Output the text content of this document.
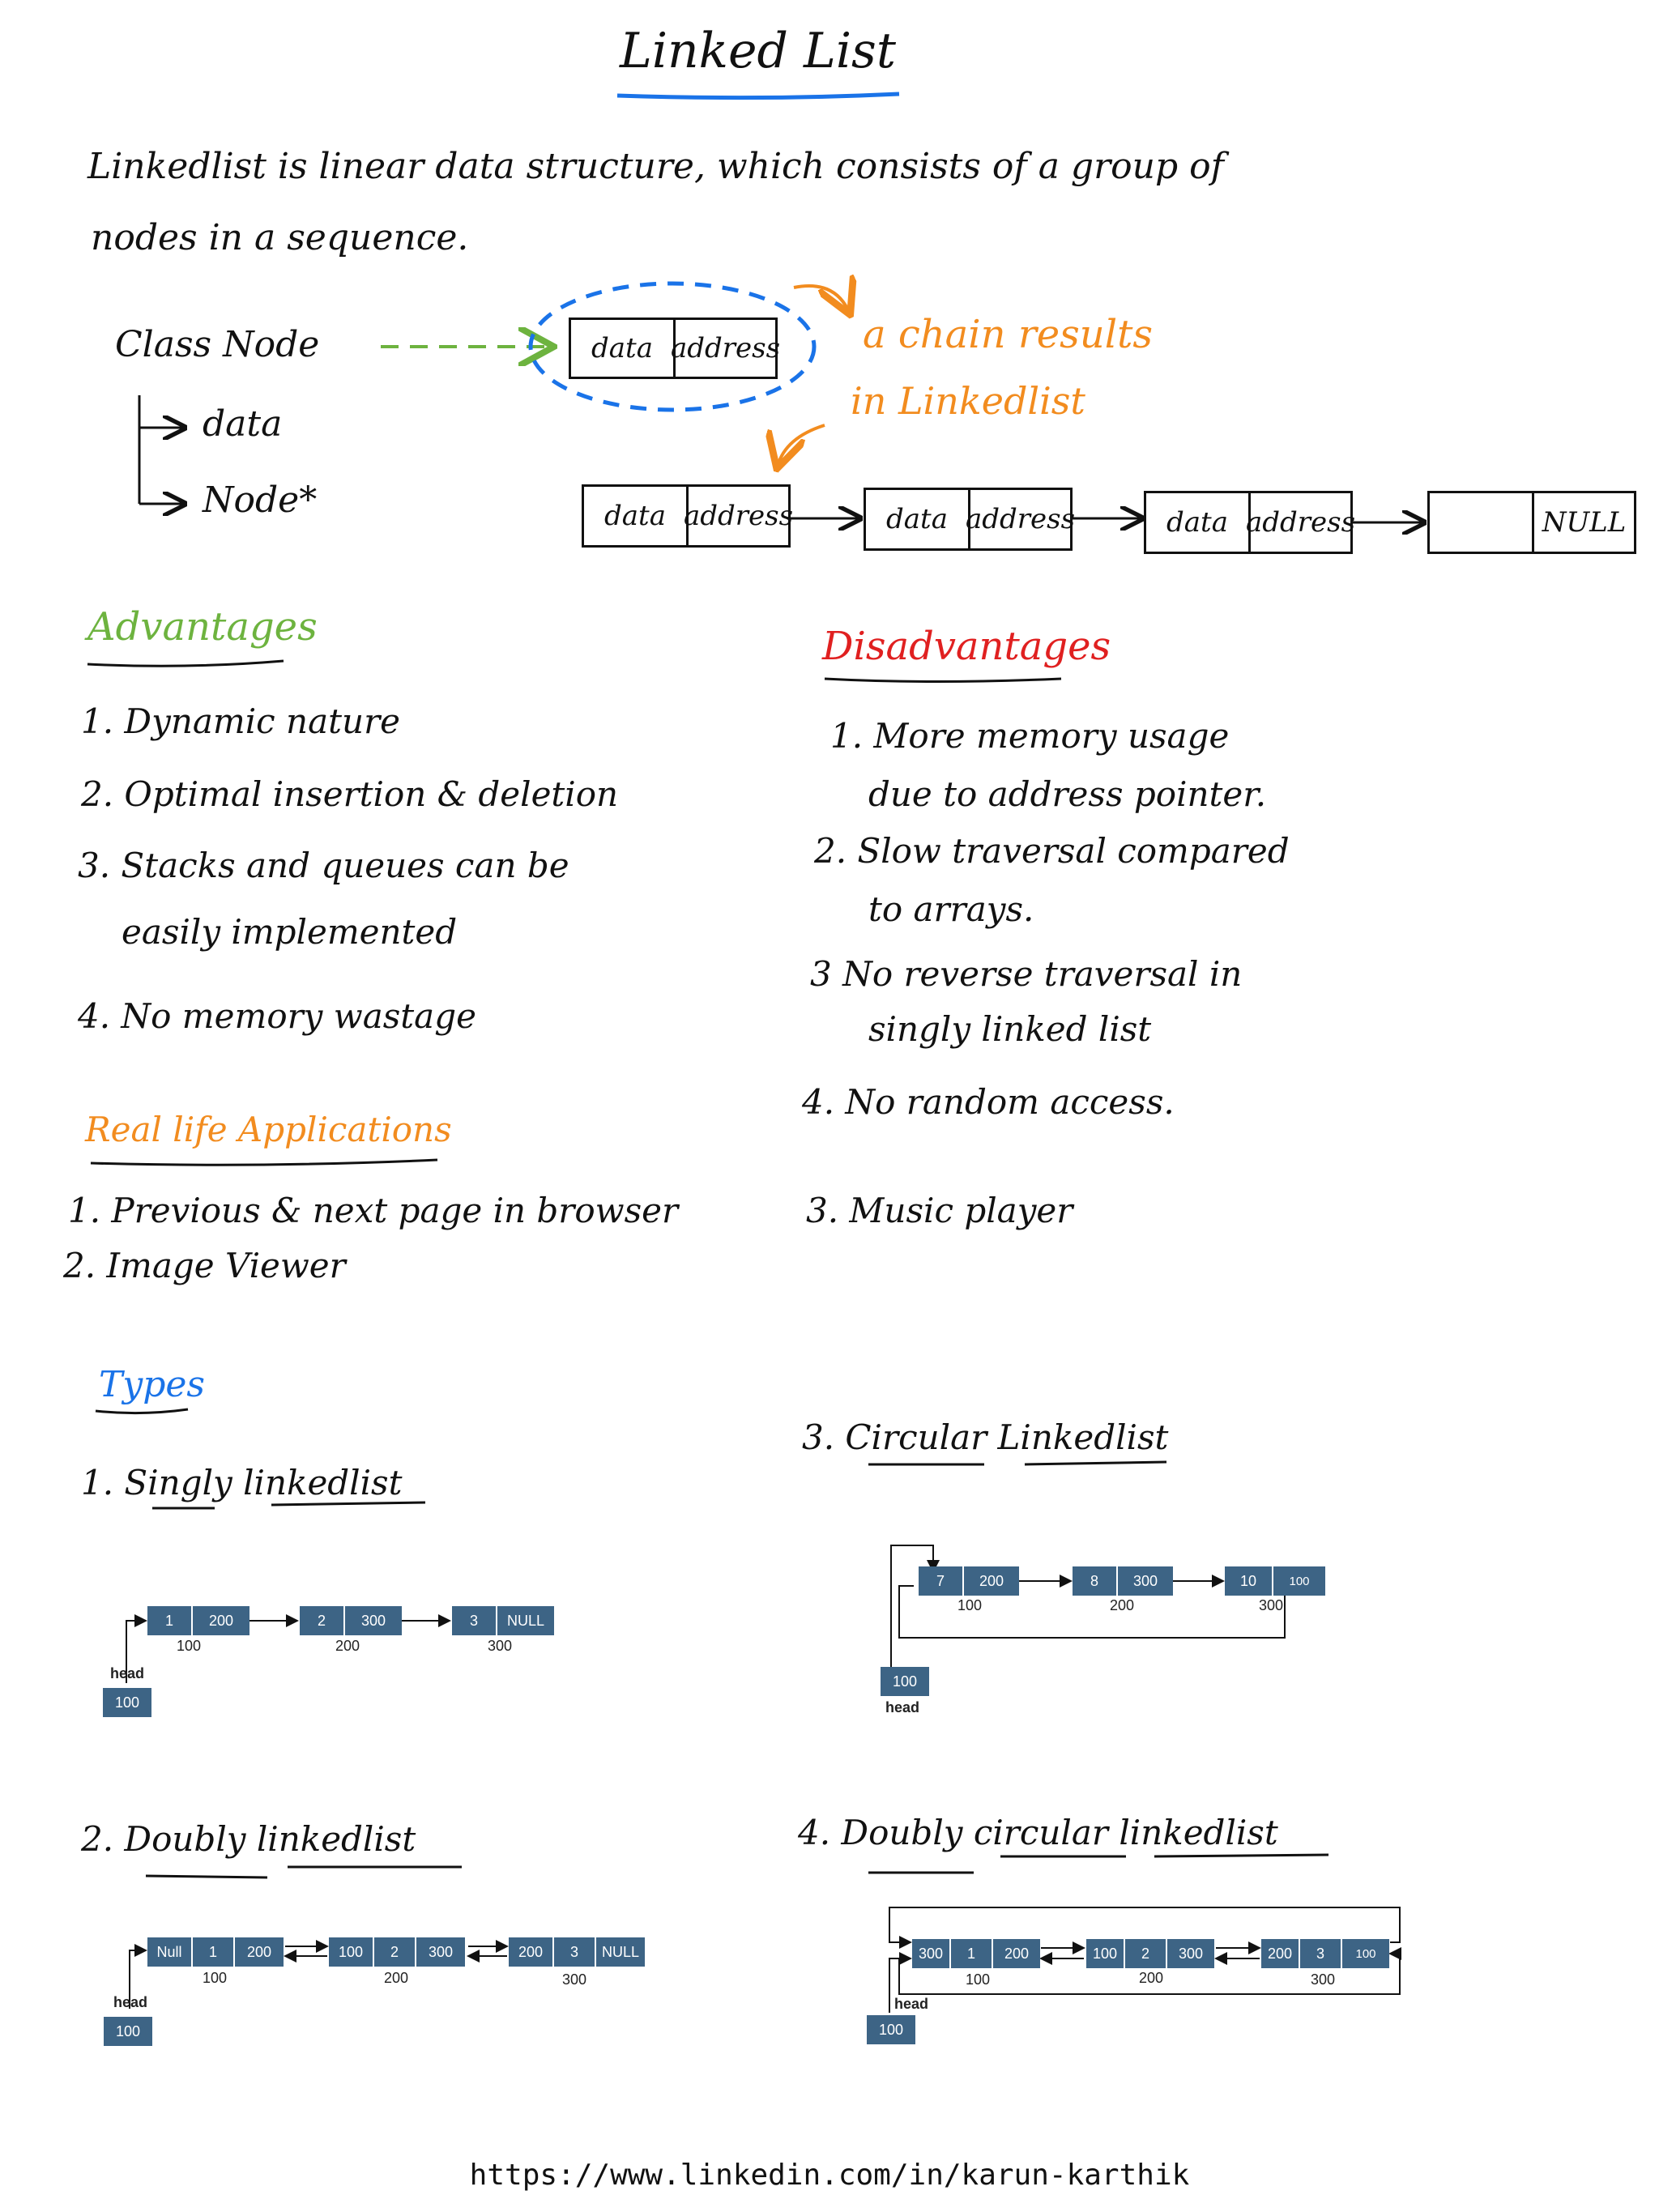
Linked List
Linkedlist is linear data structure, which consists of a group of
nodes in a sequence.
Class Node
data
Node*
data address a chain results
in Linkedlist
data address	data address	data address	NULL
Advantages
1. Dynamic nature
2. Optimal insertion & deletion
3. Stacks and queues can be
easily implemented
4. No memory wastage
Disadvantages
1. More memory usage
due to address pointer.
2. Slow traversal compared
to arrays.
3 No reverse traversal in
singly linked list
4. No random access.
Real life Applications
1. Previous & next page in browser
2. Image Viewer
3. Music player
Types
1. Singly linkedlist
1	200	2	300	3	NULL
100	200	300
head
100
2. Doubly linkedlist
Null	1	200	100	2	300	200	3	NULL
100	200	300
head
100
3. Circular Linkedlist
7	200	8	300	10	100
100	200	300
100
head
4. Doubly circular linkedlist
300	1	200	100	2	300	200	3	100
100	200	300
head
100
https://www.linkedin.com/in/karun-karthik
